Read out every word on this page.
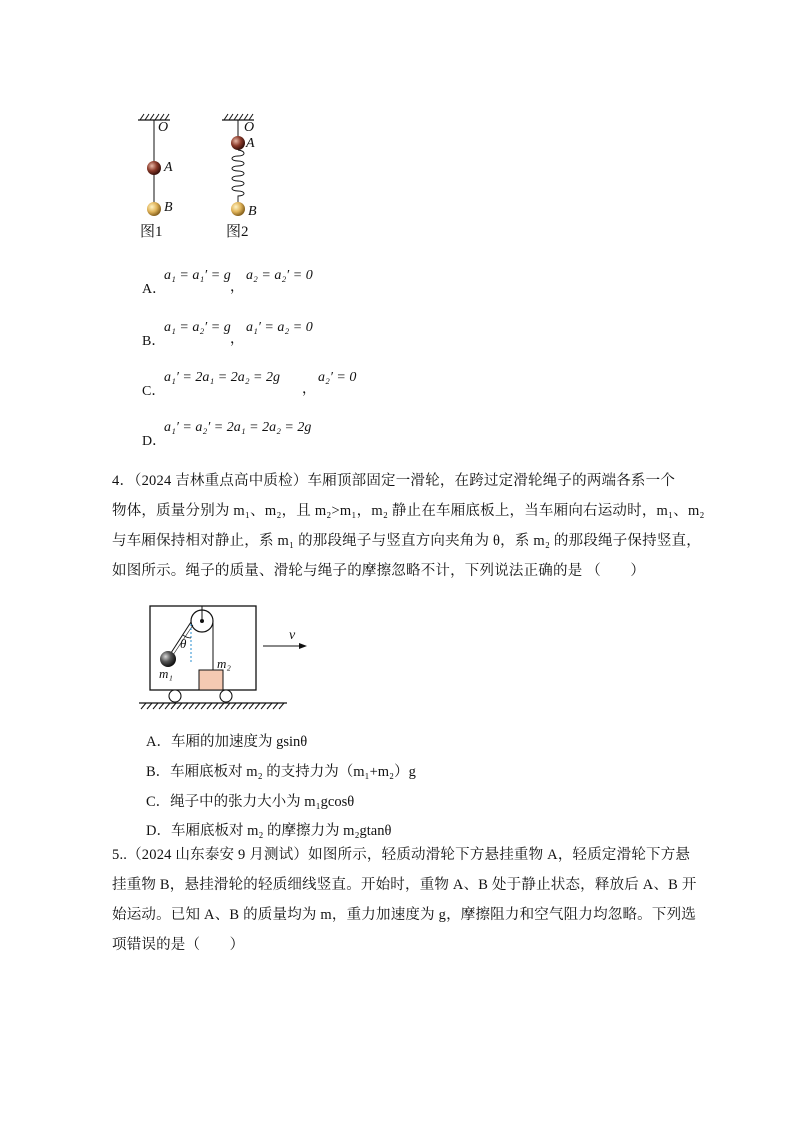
O
A
B
图1
O
A
B
图2
A．
a₁ = a₁′ = g
，
a₂ = a₂′ = 0
B．
a₁ = a₂′ = g
，
a₁′ = a₂ = 0
C．
a₁′ = 2a₁ = 2a₂ = 2g
，
a₂′ = 0
D．
a₁′ = a₂′ = 2a₁ = 2a₂ = 2g

4．（2024 吉林重点高中质检）车厢顶部固定一滑轮，在跨过定滑轮绳子的两端各系一个

物体，质量分别为 m₁、m₂，且 m₂>m₁，m₂ 静止在车厢底板上，当车厢向右运动时，m₁、m₂

与车厢保持相对静止，系 m₁ 的那段绳子与竖直方向夹角为 θ，系 m₂ 的那段绳子保持竖直，

如图所示。绳子的质量、滑轮与绳子的摩擦忽略不计，下列说法正确的是 （　　）

v
θ
m₁
m₂
A．车厢的加速度为 gsinθ
B．车厢底板对 m₂ 的支持力为（m₁+m₂）g
C．绳子中的张力大小为 m₁gcosθ
D．车厢底板对 m₂ 的摩擦力为 m₂gtanθ

5..（2024 山东泰安 9 月测试）如图所示，轻质动滑轮下方悬挂重物 A，轻质定滑轮下方悬

挂重物 B，悬挂滑轮的轻质细线竖直。开始时，重物 A、B 处于静止状态，释放后 A、B 开

始运动。已知 A、B 的质量均为 m，重力加速度为 g，摩擦阻力和空气阻力均忽略。下列选

项错误的是（　　）
